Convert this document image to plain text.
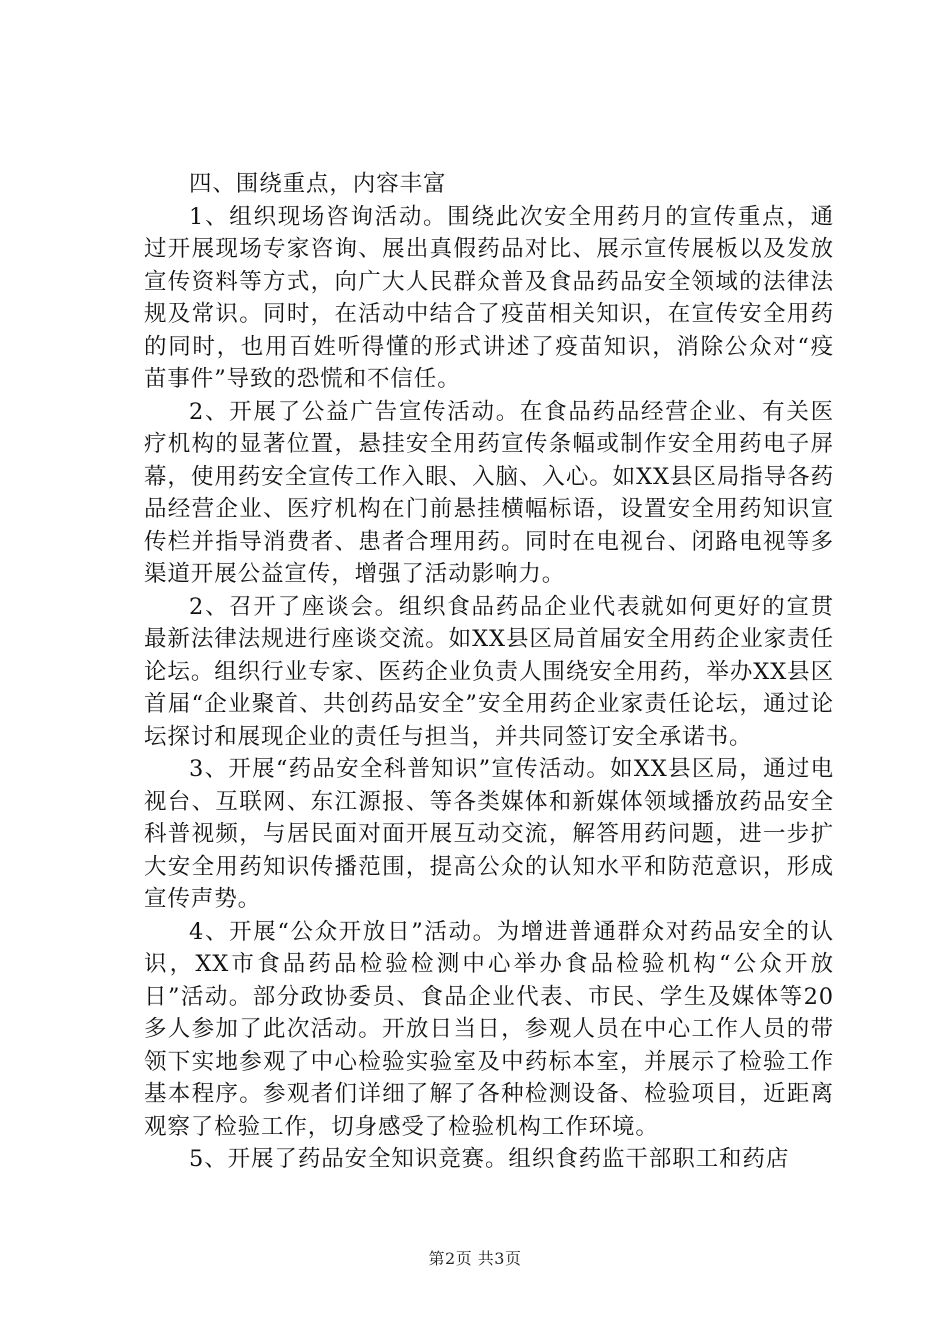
四、围绕重点，内容丰富

1、组织现场咨询活动。围绕此次安全用药月的宣传重点，通过开展现场专家咨询、展出真假药品对比、展示宣传展板以及发放宣传资料等方式，向广大人民群众普及食品药品安全领域的法律法规及常识。同时，在活动中结合了疫苗相关知识，在宣传安全用药的同时，也用百姓听得懂的形式讲述了疫苗知识，消除公众对“疫苗事件”导致的恐慌和不信任。

2、开展了公益广告宣传活动。在食品药品经营企业、有关医疗机构的显著位置，悬挂安全用药宣传条幅或制作安全用药电子屏幕，使用药安全宣传工作入眼、入脑、入心。如XX县区局指导各药品经营企业、医疗机构在门前悬挂横幅标语，设置安全用药知识宣传栏并指导消费者、患者合理用药。同时在电视台、闭路电视等多渠道开展公益宣传，增强了活动影响力。

2、召开了座谈会。组织食品药品企业代表就如何更好的宣贯最新法律法规进行座谈交流。如XX县区局首届安全用药企业家责任论坛。组织行业专家、医药企业负责人围绕安全用药，举办XX县区首届“企业聚首、共创药品安全”安全用药企业家责任论坛，通过论坛探讨和展现企业的责任与担当，并共同签订安全承诺书。

3、开展“药品安全科普知识”宣传活动。如XX县区局，通过电视台、互联网、东江源报、等各类媒体和新媒体领域播放药品安全科普视频，与居民面对面开展互动交流，解答用药问题，进一步扩大安全用药知识传播范围，提高公众的认知水平和防范意识，形成宣传声势。

4、开展“公众开放日”活动。为增进普通群众对药品安全的认识，XX市食品药品检验检测中心举办食品检验机构“公众开放日”活动。部分政协委员、食品企业代表、市民、学生及媒体等20多人参加了此次活动。开放日当日，参观人员在中心工作人员的带领下实地参观了中心检验实验室及中药标本室，并展示了检验工作基本程序。参观者们详细了解了各种检测设备、检验项目，近距离观察了检验工作，切身感受了检验机构工作环境。

5、开展了药品安全知识竞赛。组织食药监干部职工和药店

第2页 共3页
